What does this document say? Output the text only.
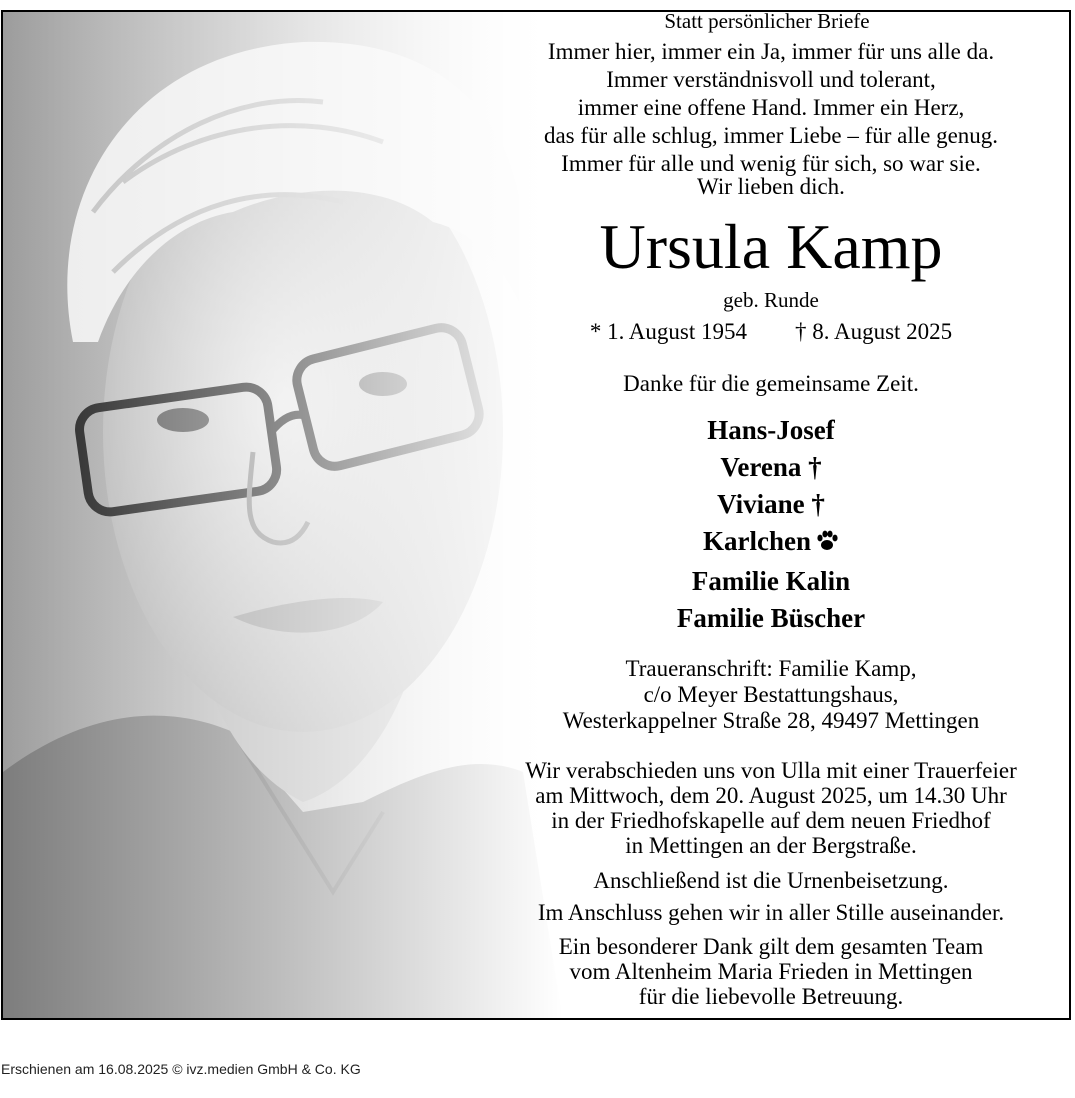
Statt persönlicher Briefe
Immer hier, immer ein Ja, immer für uns alle da.
Immer verständnisvoll und tolerant,
immer eine offene Hand. Immer ein Herz,
das für alle schlug, immer Liebe – für alle genug.
Immer für alle und wenig für sich, so war sie.
Wir lieben dich.
Ursula Kamp
geb. Runde
* 1. August 1954 † 8. August 2025
Danke für die gemeinsame Zeit.
Hans-Josef
Verena †
Viviane †
Karlchen
Familie Kalin
Familie Büscher
Traueranschrift: Familie Kamp,
c/o Meyer Bestattungshaus,
Westerkappelner Straße 28, 49497 Mettingen
Wir verabschieden uns von Ulla mit einer Trauerfeier
am Mittwoch, dem 20. August 2025, um 14.30 Uhr
in der Friedhofskapelle auf dem neuen Friedhof
in Mettingen an der Bergstraße.
Anschließend ist die Urnenbeisetzung.
Im Anschluss gehen wir in aller Stille auseinander.
Ein besonderer Dank gilt dem gesamten Team
vom Altenheim Maria Frieden in Mettingen
für die liebevolle Betreuung.
Erschienen am 16.08.2025 © ivz.medien GmbH & Co. KG
